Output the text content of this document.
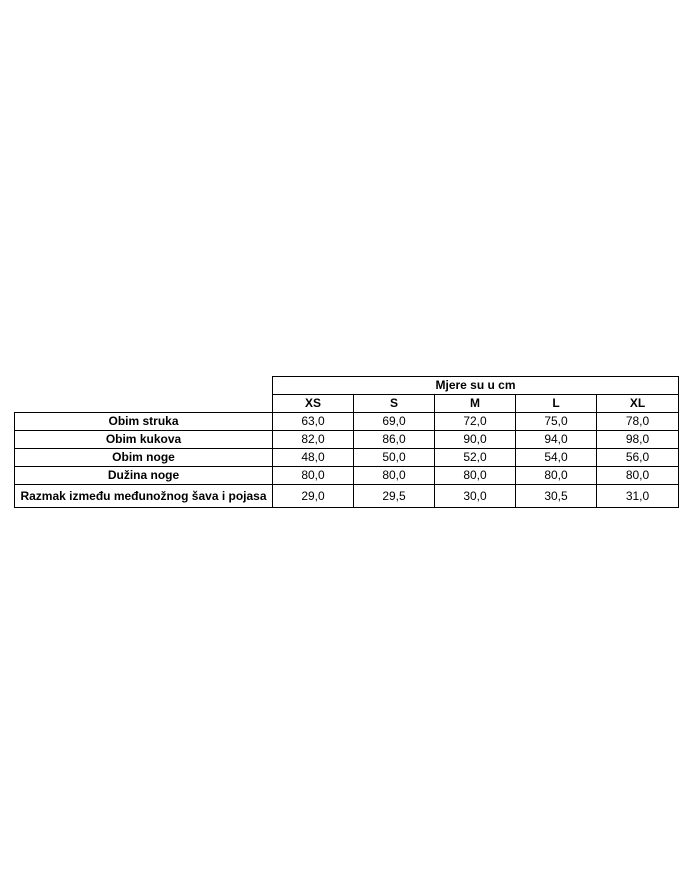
	Mjere su u cm				
	XS	S	M	L	XL
Obim struka	63,0	69,0	72,0	75,0	78,0
Obim kukova	82,0	86,0	90,0	94,0	98,0
Obim noge	48,0	50,0	52,0	54,0	56,0
Dužina noge	80,0	80,0	80,0	80,0	80,0
Razmak između međunožnog šava i pojasa	29,0	29,5	30,0	30,5	31,0
